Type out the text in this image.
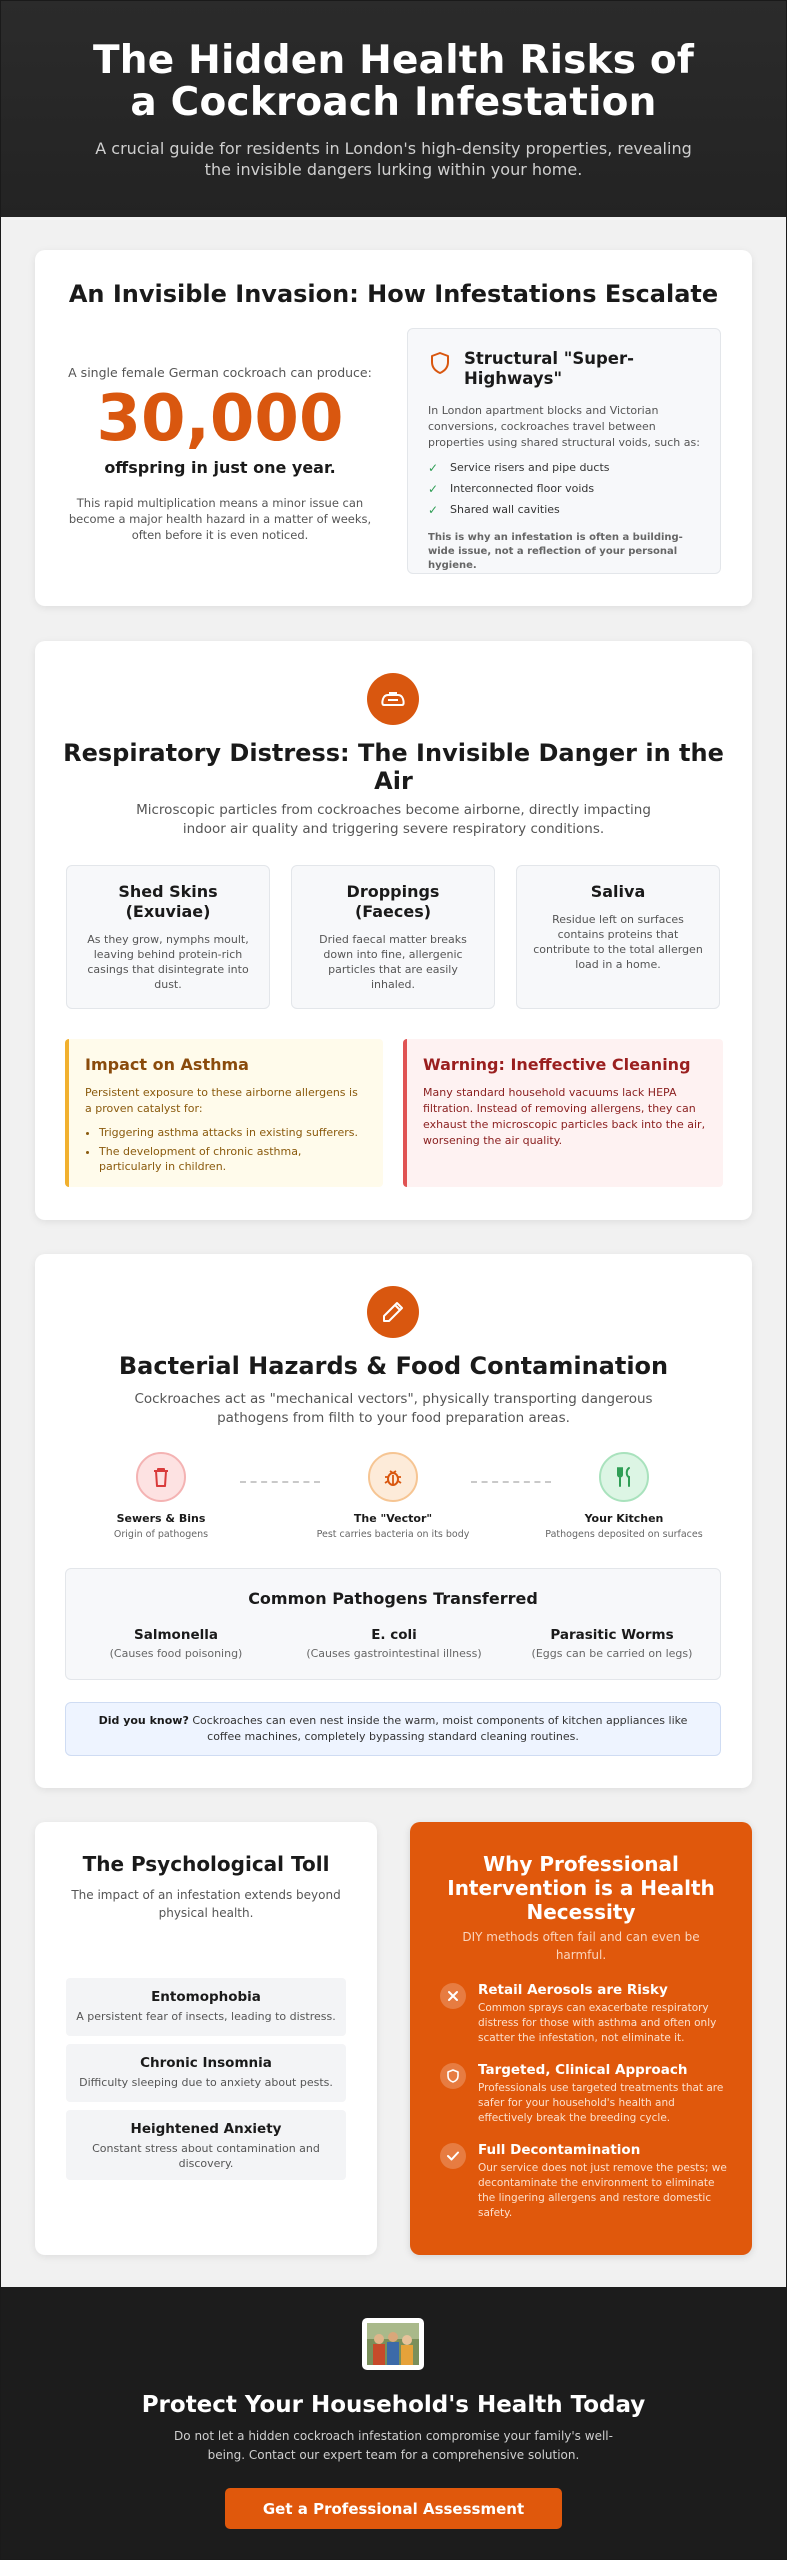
The Hidden Health Risks of a Cockroach Infestation

A crucial guide for residents in London's high-density properties, revealing the invisible dangers lurking within your home.

An Invisible Invasion: How Infestations Escalate
A single female German cockroach can produce:
30,000
offspring in just one year.
This rapid multiplication means a minor issue can become a major health hazard in a matter of weeks, often before it is even noticed.
Structural "Super-Highways"
In London apartment blocks and Victorian conversions, cockroaches travel between properties using shared structural voids, such as:
✓	Service risers and pipe ducts
✓	Interconnected floor voids
✓	Shared wall cavities
This is why an infestation is often a building-wide issue, not a reflection of your personal hygiene.
Respiratory Distress: The Invisible Danger in the Air

Microscopic particles from cockroaches become airborne, directly impacting indoor air quality and triggering severe respiratory conditions.

Shed Skins (Exuviae)
As they grow, nymphs moult, leaving behind protein-rich casings that disintegrate into dust.
Droppings (Faeces)
Dried faecal matter breaks down into fine, allergenic particles that are easily inhaled.
Saliva
Residue left on surfaces contains proteins that contribute to the total allergen load in a home.
Impact on Asthma
Persistent exposure to these airborne allergens is a proven catalyst for:
• Triggering asthma attacks in existing sufferers.
• The development of chronic asthma, particularly in children.
Warning: Ineffective Cleaning
Many standard household vacuums lack HEPA filtration. Instead of removing allergens, they can exhaust the microscopic particles back into the air, worsening the air quality.
Bacterial Hazards & Food Contamination

Cockroaches act as "mechanical vectors", physically transporting dangerous pathogens from filth to your food preparation areas.

Sewers & Bins
Origin of pathogens
The "Vector"
Pest carries bacteria on its body
Your Kitchen
Pathogens deposited on surfaces
Common Pathogens Transferred
Salmonella
(Causes food poisoning)
E. coli
(Causes gastrointestinal illness)
Parasitic Worms
(Eggs can be carried on legs)
Did you know? Cockroaches can even nest inside the warm, moist components of kitchen appliances like coffee machines, completely bypassing standard cleaning routines.
The Psychological Toll

The impact of an infestation extends beyond physical health.

Entomophobia
A persistent fear of insects, leading to distress.
Chronic Insomnia
Difficulty sleeping due to anxiety about pests.
Heightened Anxiety
Constant stress about contamination and discovery.
Why Professional Intervention is a Health Necessity

DIY methods often fail and can even be harmful.

Retail Aerosols are Risky
Common sprays can exacerbate respiratory distress for those with asthma and often only scatter the infestation, not eliminate it.
Targeted, Clinical Approach
Professionals use targeted treatments that are safer for your household's health and effectively break the breeding cycle.
Full Decontamination
Our service does not just remove the pests; we decontaminate the environment to eliminate the lingering allergens and restore domestic safety.
Protect Your Household's Health Today

Do not let a hidden cockroach infestation compromise your family's well-being. Contact our expert team for a comprehensive solution.

Get a Professional Assessment
